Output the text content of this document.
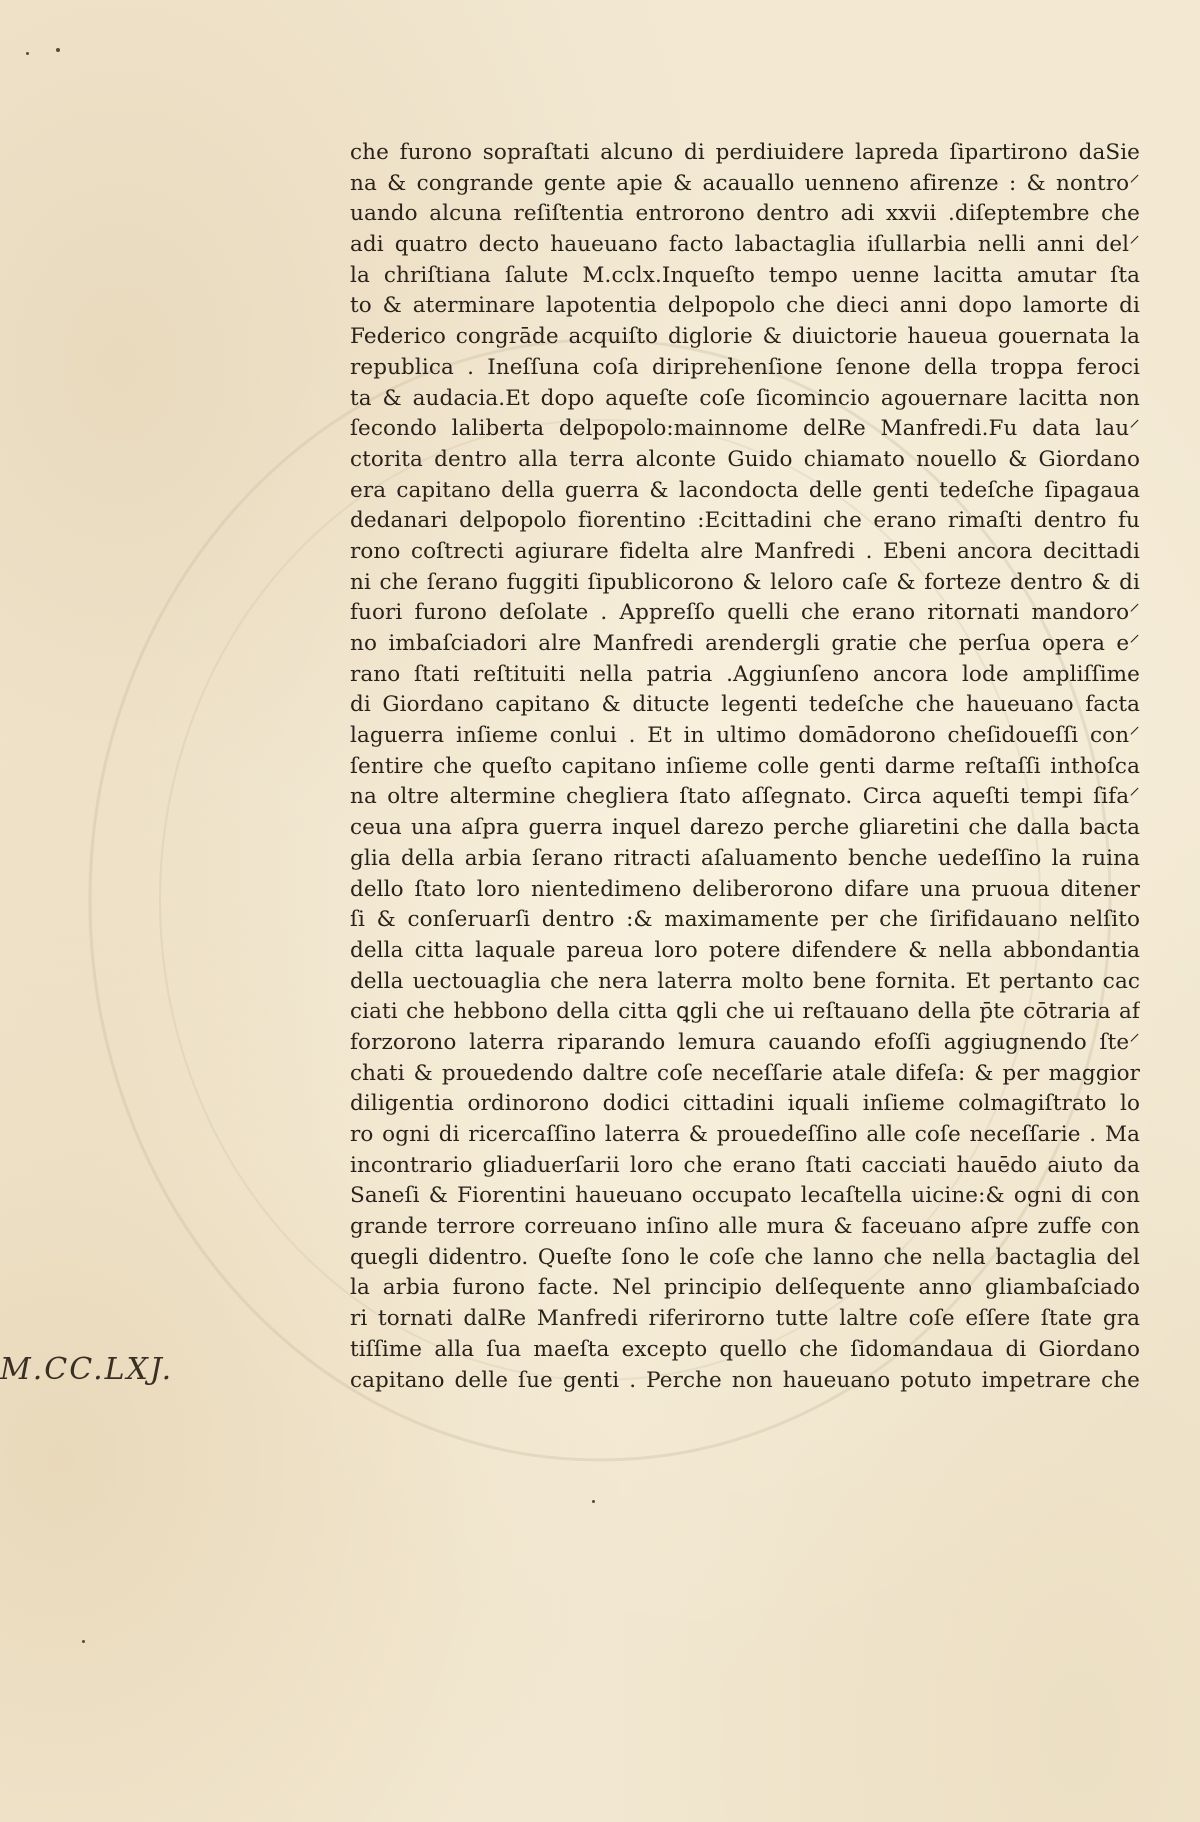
che furono sopraſtati alcuno di perdiuidere lapreda ſipartirono daSie
na & congrande gente apie & acauallo uenneno afirenze : & nontro⸍
uando alcuna reſiſtentia entrorono dentro adi xxvii .diſeptembre che
adi quatro decto haueuano facto labactaglia iſullarbia nelli anni del⸍
la chriſtiana ſalute M.cclx.Inqueſto tempo uenne lacitta amutar ſta
to & aterminare lapotentia delpopolo che dieci anni dopo lamorte di
Federico congrāde acquiſto diglorie & diuictorie haueua gouernata la
republica . Ineſſuna coſa diriprehenſione ſenone della troppa feroci
ta & audacia.Et dopo aqueſte coſe ſicomincio agouernare lacitta non
ſecondo laliberta delpopolo:mainnome delRe Manfredi.Fu data lau⸍
ctorita dentro alla terra alconte Guido chiamato nouello & Giordano
era capitano della guerra & lacondocta delle genti tedeſche ſipagaua
dedanari delpopolo fiorentino :Ecittadini che erano rimaſti dentro fu
rono coſtrecti agiurare fidelta alre Manfredi . Ebeni ancora decittadi
ni che ſerano fuggiti ſipublicorono & leloro caſe & forteze dentro & di
fuori furono deſolate . Appreſſo quelli che erano ritornati mandoro⸍
no imbaſciadori alre Manfredi arendergli gratie che perſua opera e⸍
rano ſtati reſtituiti nella patria .Aggiunſeno ancora lode ampliſſime
di Giordano capitano & ditucte legenti tedeſche che haueuano facta
laguerra inſieme conlui . Et in ultimo domādorono cheſidoueſſi con⸍
ſentire che queſto capitano inſieme colle genti darme reſtaſſi inthoſca
na oltre altermine chegliera ſtato aſſegnato. Circa aqueſti tempi ſifa⸍
ceua una aſpra guerra inquel darezo perche gliaretini che dalla bacta
glia della arbia ſerano ritracti aſaluamento benche uedeſſino la ruina
dello ſtato loro nientedimeno deliberorono difare una pruoua ditener
ſi & conſeruarſi dentro :& maximamente per che ſirifidauano nelſito
della citta laquale pareua loro potere difendere & nella abbondantia
della uectouaglia che nera laterra molto bene fornita. Et pertanto cac
ciati che hebbono della citta ꝗgli che ui reſtauano della p̄te cōtraria af
forzorono laterra riparando lemura cauando efoſſi aggiugnendo ſte⸍
chati & prouedendo daltre coſe neceſſarie atale difeſa: & per maggior
diligentia ordinorono dodici cittadini iquali inſieme colmagiſtrato lo
ro ogni di ricercaſſino laterra & prouedeſſino alle coſe neceſſarie . Ma
incontrario gliaduerſarii loro che erano ſtati cacciati hauēdo aiuto da
Saneſi & Fiorentini haueuano occupato lecaſtella uicine:& ogni di con
grande terrore correuano inſino alle mura & faceuano aſpre zuffe con
quegli didentro. Queſte ſono le coſe che lanno che nella bactaglia del
la arbia furono facte. Nel principio delſequente anno gliambaſciado
ri tornati dalRe Manfredi riferirorno tutte laltre coſe eſſere ſtate gra
tiſſime alla ſua maeſta excepto quello che ſidomandaua di Giordano
capitano delle ſue genti . Perche non haueuano potuto impetrare che
M.CC.LXJ.
